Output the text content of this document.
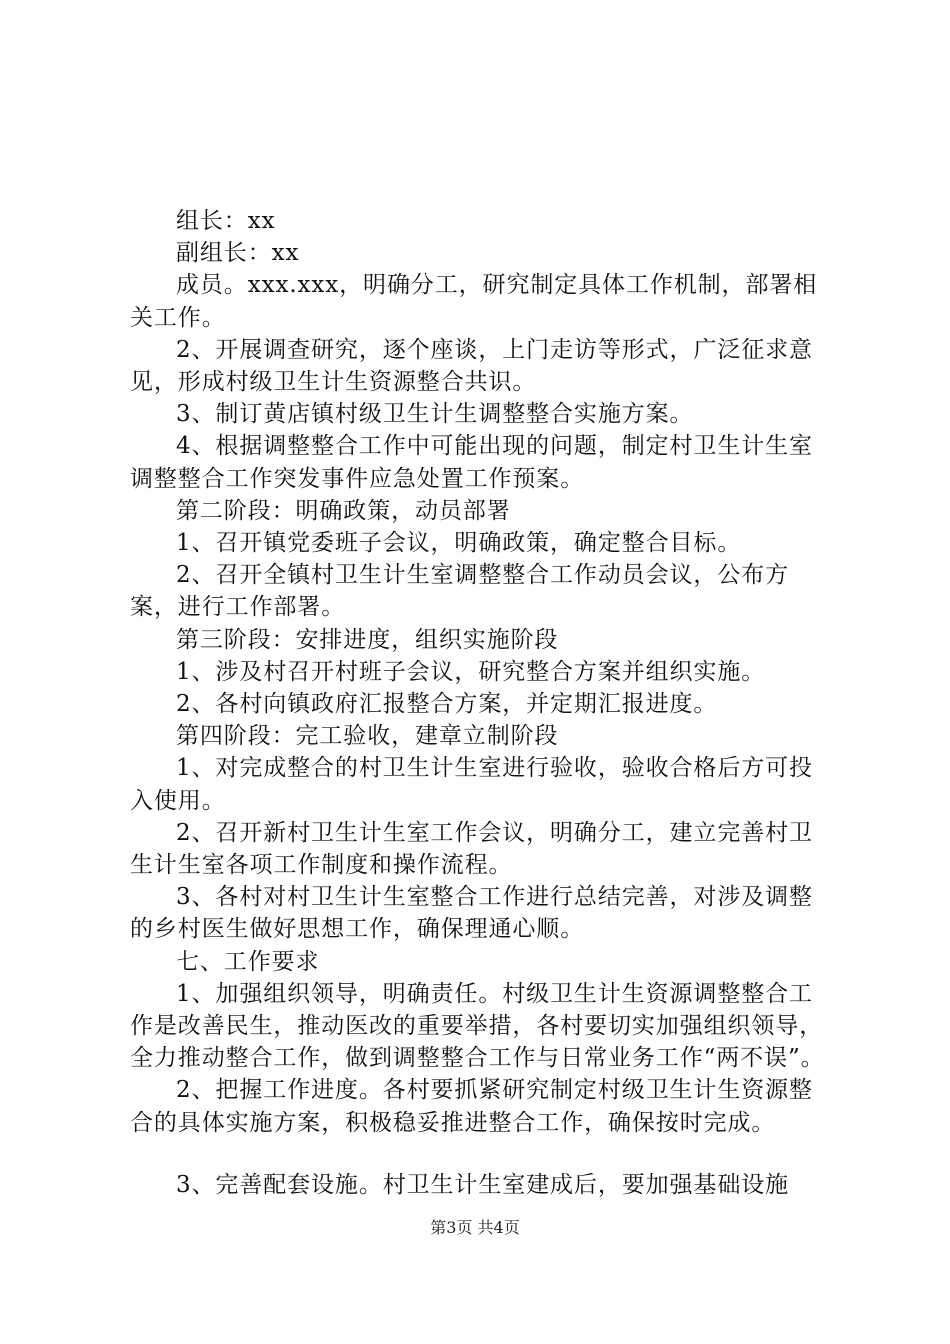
组长：xx

副组长：xx

成员。xxx.xxx，明确分工，研究制定具体工作机制，部署相关工作。

2、开展调查研究，逐个座谈，上门走访等形式，广泛征求意见，形成村级卫生计生资源整合共识。

3、制订黄店镇村级卫生计生调整整合实施方案。

4、根据调整整合工作中可能出现的问题，制定村卫生计生室调整整合工作突发事件应急处置工作预案。

第二阶段：明确政策，动员部署

1、召开镇党委班子会议，明确政策，确定整合目标。

2、召开全镇村卫生计生室调整整合工作动员会议，公布方案，进行工作部署。

第三阶段：安排进度，组织实施阶段

1、涉及村召开村班子会议，研究整合方案并组织实施。

2、各村向镇政府汇报整合方案，并定期汇报进度。

第四阶段：完工验收，建章立制阶段

1、对完成整合的村卫生计生室进行验收，验收合格后方可投入使用。

2、召开新村卫生计生室工作会议，明确分工，建立完善村卫生计生室各项工作制度和操作流程。

3、各村对村卫生计生室整合工作进行总结完善，对涉及调整的乡村医生做好思想工作，确保理通心顺。

七、工作要求

1、加强组织领导，明确责任。村级卫生计生资源调整整合工作是改善民生，推动医改的重要举措，各村要切实加强组织领导，全力推动整合工作，做到调整整合工作与日常业务工作“两不误”。

2、把握工作进度。各村要抓紧研究制定村级卫生计生资源整合的具体实施方案，积极稳妥推进整合工作，确保按时完成。

3、完善配套设施。村卫生计生室建成后，要加强基础设施

第3页 共4页
